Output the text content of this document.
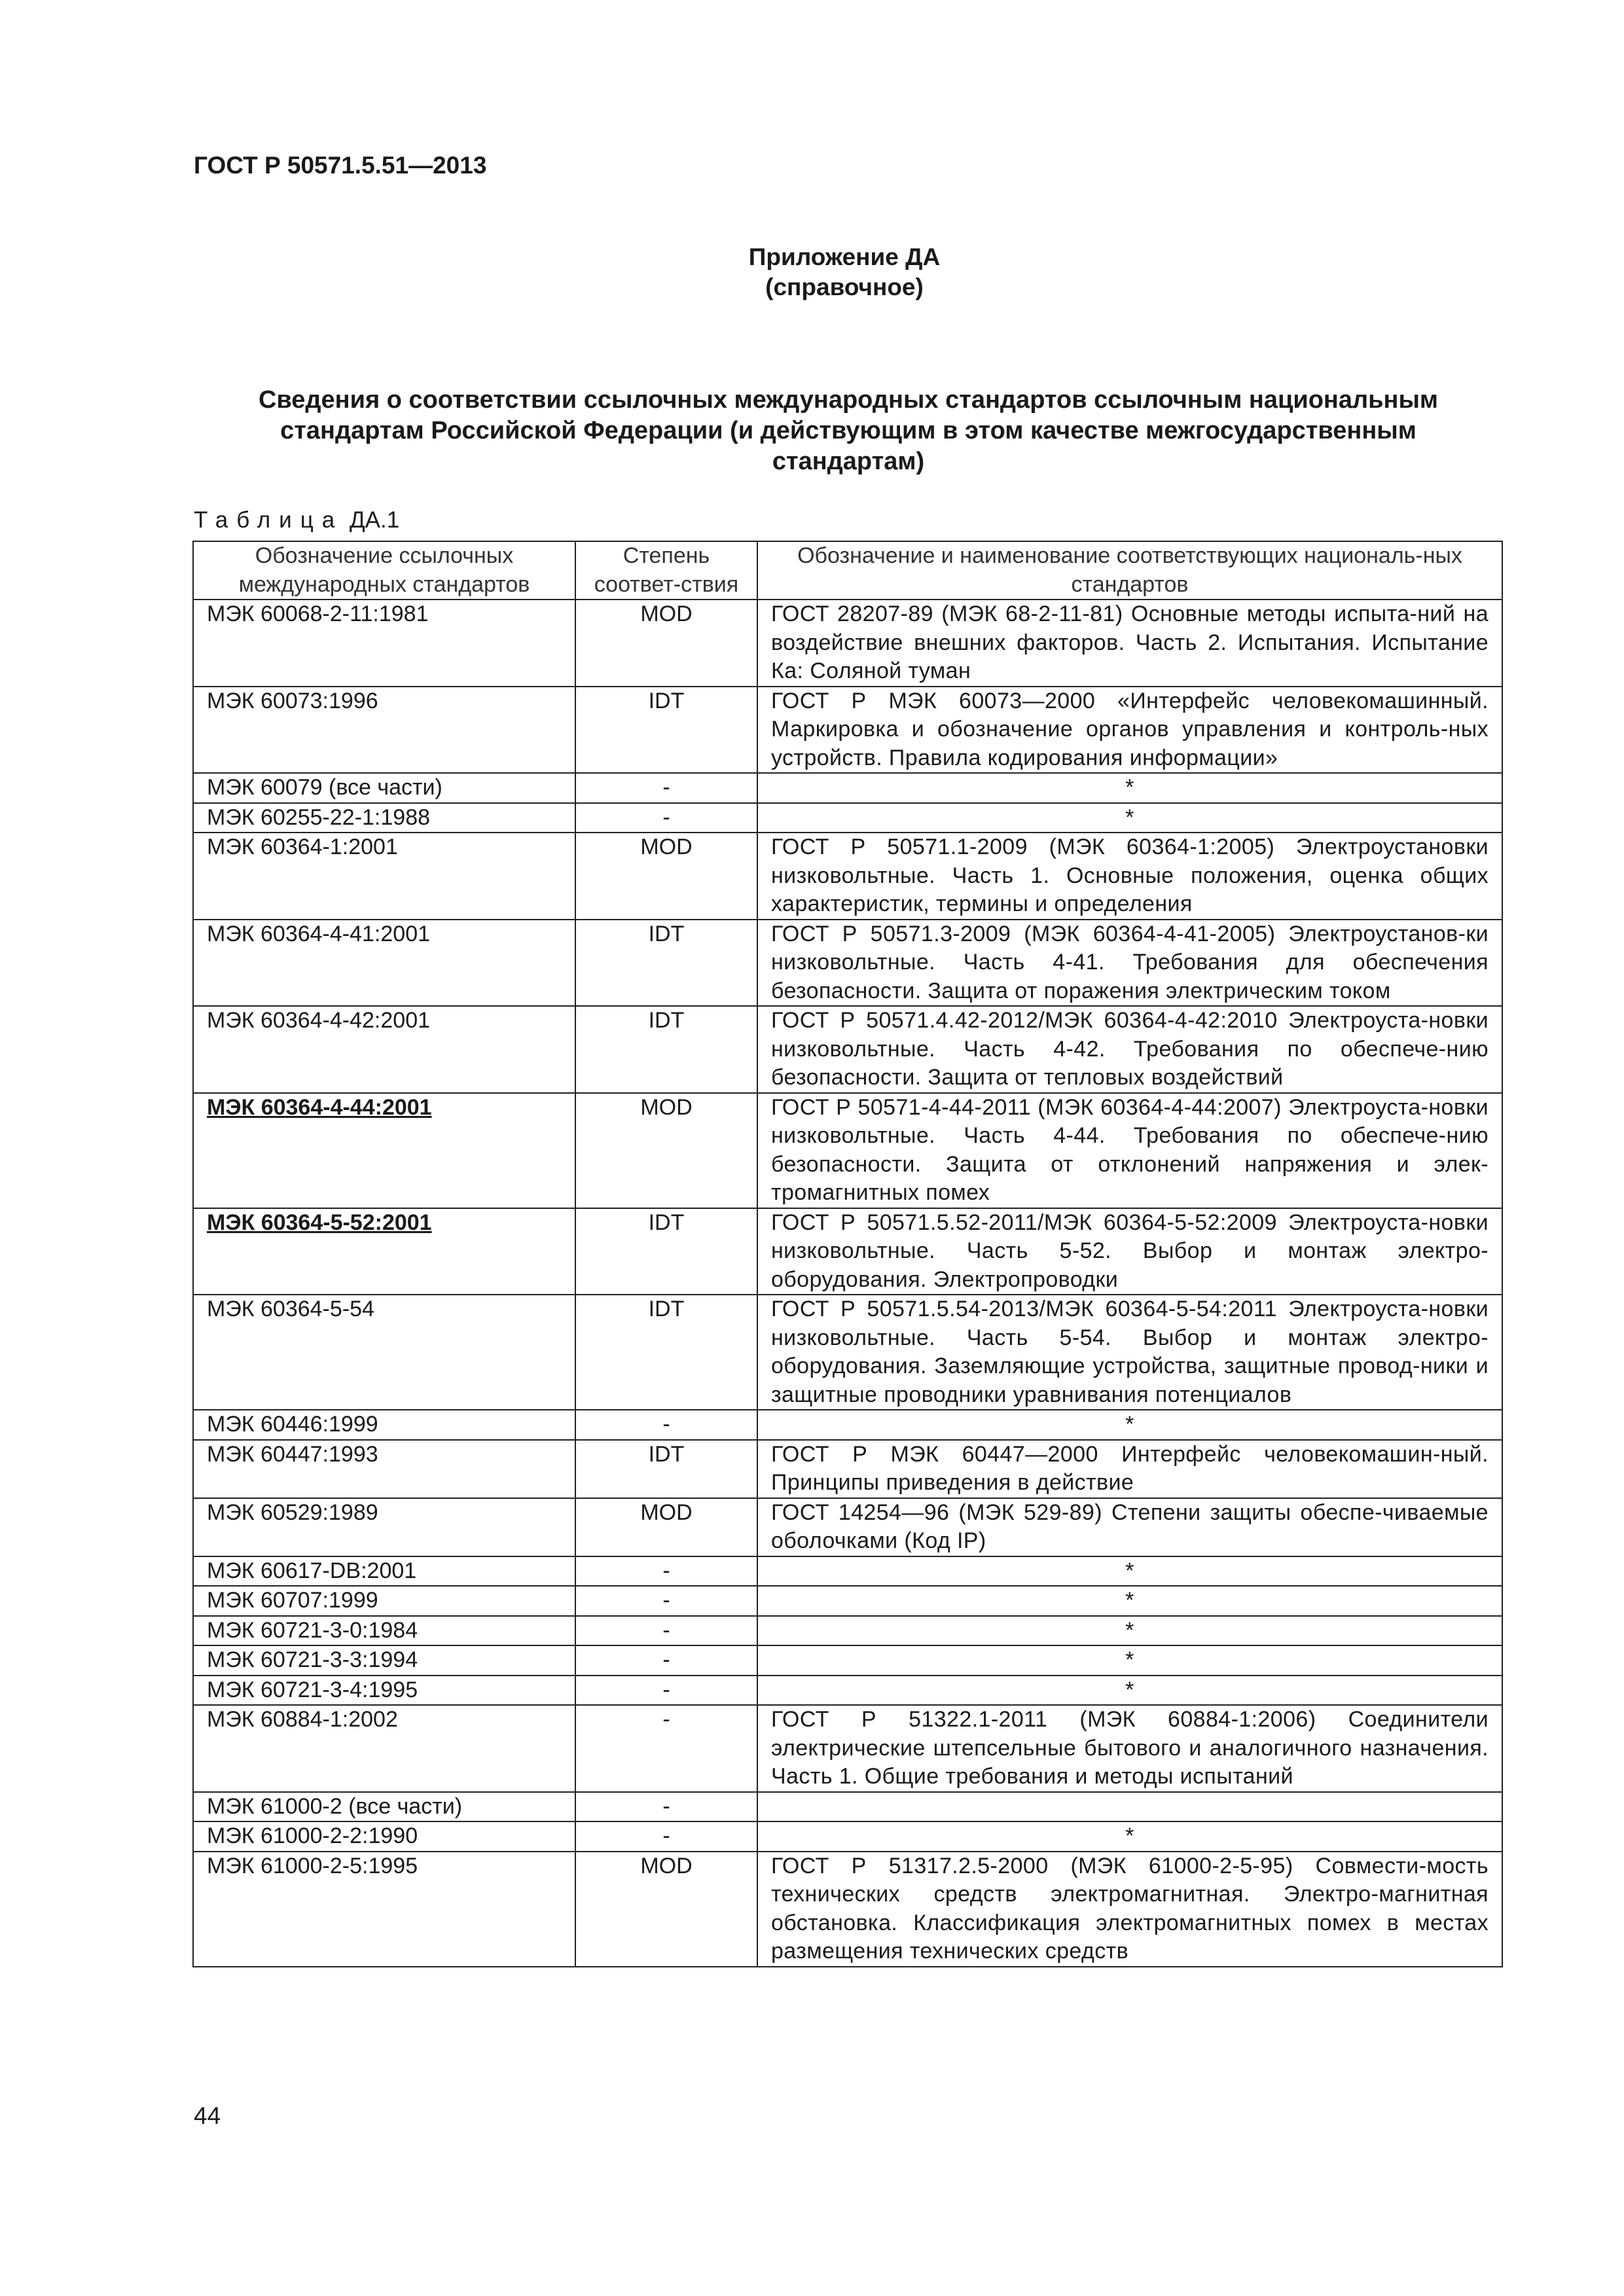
ГОСТ Р 50571.5.51—2013
Приложение ДА
(справочное)
Сведения о соответствии ссылочных международных стандартов ссылочным национальным
стандартам Российской Федерации (и действующим в этом качестве межгосударственным
стандартам)
Таблица ДА.1
Обозначение ссылочных международных стандартов	Степень соответ-ствия	Обозначение и наименование соответствующих националь-ных стандартов
МЭК 60068-2-11:1981	MOD	ГОСТ 28207-89 (МЭК 68-2-11-81) Основные методы испыта-ний на воздействие внешних факторов. Часть 2. Испытания. Испытание Ка: Соляной туман
МЭК 60073:1996	IDT	ГОСТ Р МЭК 60073—2000 «Интерфейс человекомашинный. Маркировка и обозначение органов управления и контроль-ных устройств. Правила кодирования информации»
МЭК 60079 (все части)	-	*
МЭК 60255-22-1:1988	-	*
МЭК 60364-1:2001	MOD	ГОСТ Р 50571.1-2009 (МЭК 60364-1:2005) Электроустановки низковольтные. Часть 1. Основные положения, оценка общих характеристик, термины и определения
МЭК 60364-4-41:2001	IDT	ГОСТ Р 50571.3-2009 (МЭК 60364-4-41-2005) Электроустанов-ки низковольтные. Часть 4-41. Требования для обеспечения безопасности. Защита от поражения электрическим током
МЭК 60364-4-42:2001	IDT	ГОСТ Р 50571.4.42-2012/МЭК 60364-4-42:2010 Электроуста-новки низковольтные. Часть 4-42. Требования по обеспече-нию безопасности. Защита от тепловых воздействий
МЭК 60364-4-44:2001	MOD	ГОСТ Р 50571-4-44-2011 (МЭК 60364-4-44:2007) Электроуста-новки низковольтные. Часть 4-44. Требования по обеспече-нию безопасности. Защита от отклонений напряжения и элек-тромагнитных помех
МЭК 60364-5-52:2001	IDT	ГОСТ Р 50571.5.52-2011/МЭК 60364-5-52:2009 Электроуста-новки низковольтные. Часть 5-52. Выбор и монтаж электро-оборудования. Электропроводки
МЭК 60364-5-54	IDT	ГОСТ Р 50571.5.54-2013/МЭК 60364-5-54:2011 Электроуста-новки низковольтные. Часть 5-54. Выбор и монтаж электро-оборудования. Заземляющие устройства, защитные провод-ники и защитные проводники уравнивания потенциалов
МЭК 60446:1999	-	*
МЭК 60447:1993	IDT	ГОСТ Р МЭК 60447—2000 Интерфейс человекомашин-ный. Принципы приведения в действие
МЭК 60529:1989	MOD	ГОСТ 14254—96 (МЭК 529-89) Степени защиты обеспе-чиваемые оболочками (Код IP)
МЭК 60617-DB:2001	-	*
МЭК 60707:1999	-	*
МЭК 60721-3-0:1984	-	*
МЭК 60721-3-3:1994	-	*
МЭК 60721-3-4:1995	-	*
МЭК 60884-1:2002	-	ГОСТ Р 51322.1-2011 (МЭК 60884-1:2006) Соединители электрические штепсельные бытового и аналогичного назначения. Часть 1. Общие требования и методы испытаний
МЭК 61000-2 (все части)	-	
МЭК 61000-2-2:1990	-	*
МЭК 61000-2-5:1995	MOD	ГОСТ Р 51317.2.5-2000 (МЭК 61000-2-5-95) Совмести-мость технических средств электромагнитная. Электро-магнитная обстановка. Классификация электромагнитных помех в местах размещения технических средств
44
